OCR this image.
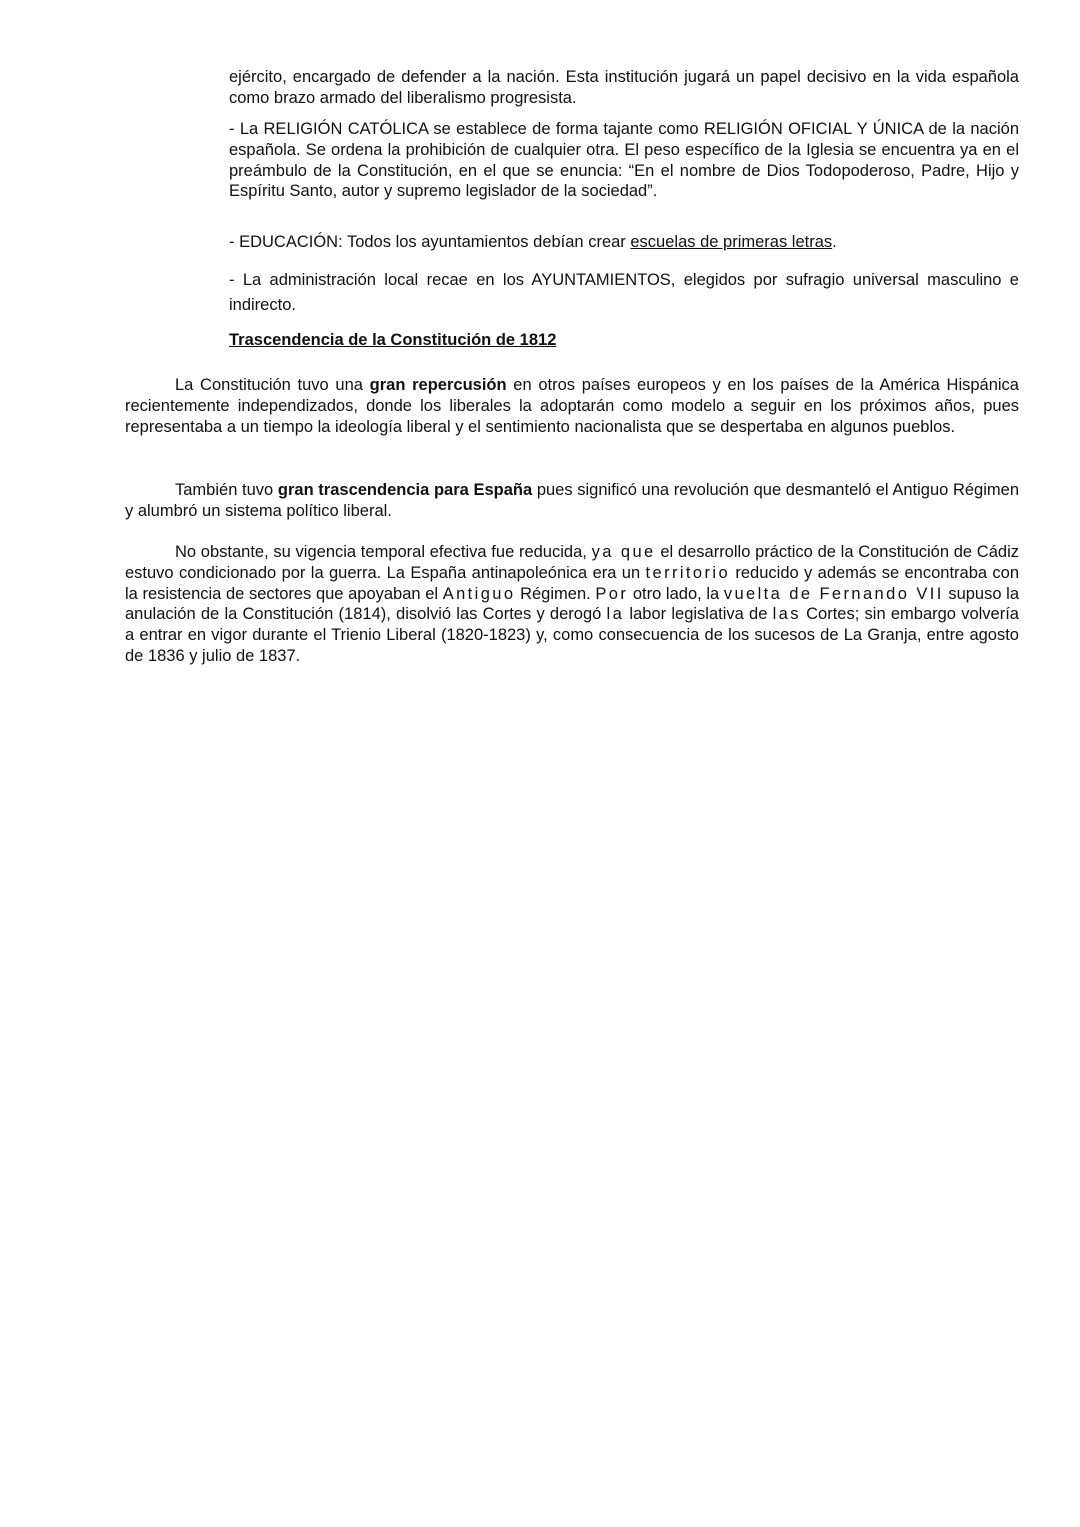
ejército, encargado de defender a la nación. Esta institución jugará un papel decisivo en la vida española como brazo armado del liberalismo progresista.

- La RELIGIÓN CATÓLICA se establece de forma tajante como RELIGIÓN OFICIAL Y ÚNICA de la nación española. Se ordena la prohibición de cualquier otra. El peso específico de la Iglesia se encuentra ya en el preámbulo de la Constitución, en el que se enuncia: “En el nombre de Dios Todopoderoso, Padre, Hijo y Espíritu Santo, autor y supremo legislador de la sociedad”.

- EDUCACIÓN: Todos los ayuntamientos debían crear escuelas de primeras letras.

- La administración local recae en los AYUNTAMIENTOS, elegidos por sufragio universal masculino e indirecto.

Trascendencia de la Constitución de 1812

La Constitución tuvo una gran repercusión en otros países europeos y en los países de la América Hispánica recientemente independizados, donde los liberales la adoptarán como modelo a seguir en los próximos años, pues representaba a un tiempo la ideología liberal y el sentimiento nacionalista que se despertaba en algunos pueblos.

También tuvo gran trascendencia para España pues significó una revolución que desmanteló el Antiguo Régimen y alumbró un sistema político liberal.

No obstante, su vigencia temporal efectiva fue reducida, ya que el desarrollo práctico de la Constitución de Cádiz estuvo condicionado por la guerra. La España antinapoleónica era un territorio reducido y además se encontraba con la resistencia de sectores que apoyaban el Antiguo Régimen. Por otro lado, la vuelta de Fernando VII supuso la anulación de la Constitución (1814), disolvió las Cortes y derogó la labor legislativa de las Cortes; sin embargo volvería a entrar en vigor durante el Trienio Liberal (1820-1823) y, como consecuencia de los sucesos de La Granja, entre agosto de 1836 y julio de 1837.
